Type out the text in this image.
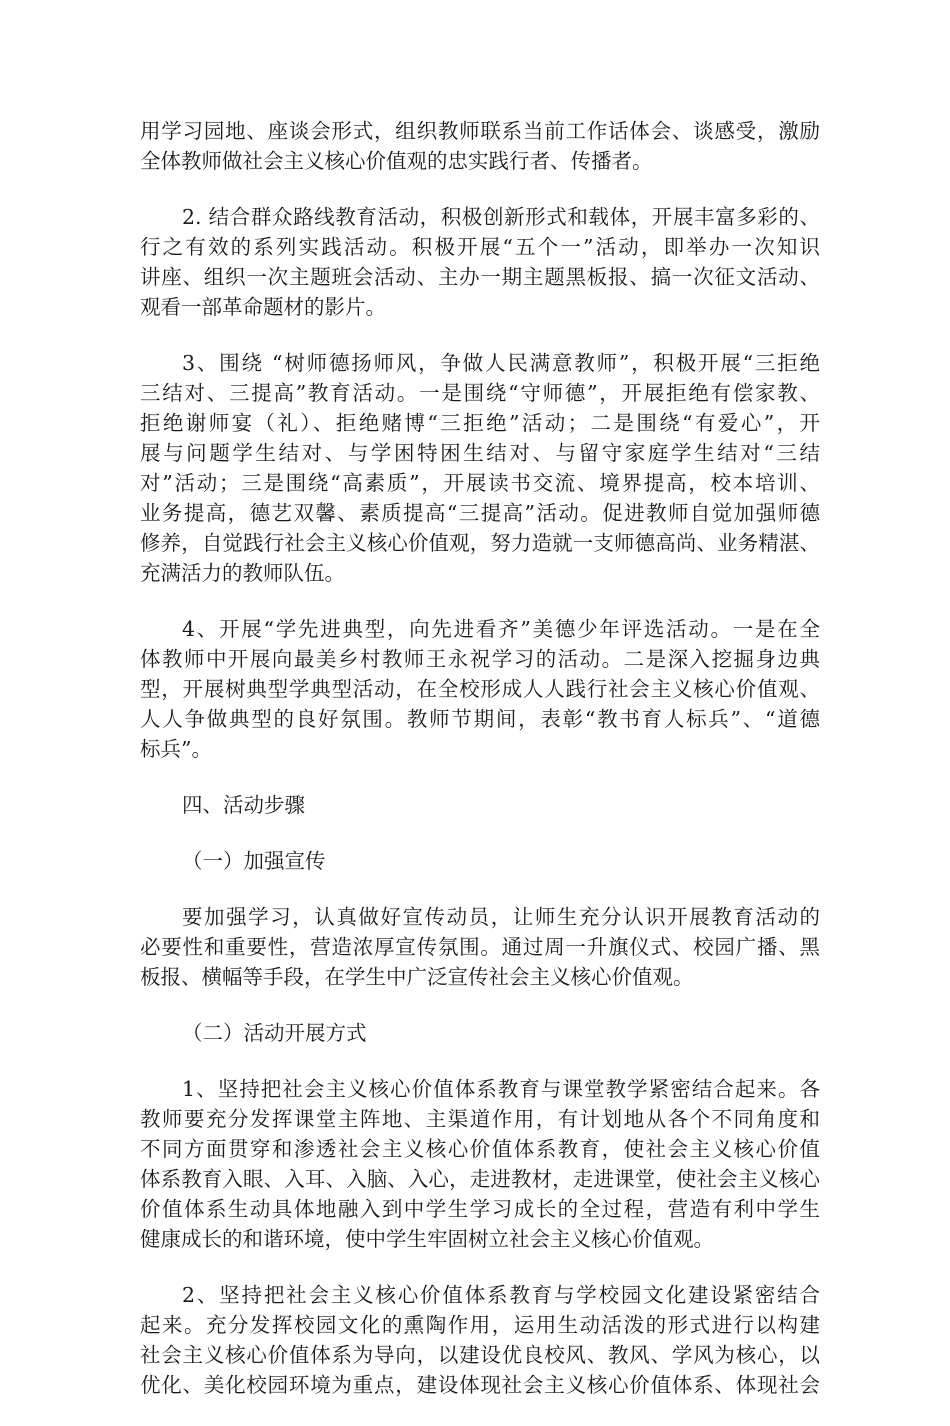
用学习园地、座谈会形式，组织教师联系当前工作话体会、谈感受，激励
全体教师做社会主义核心价值观的忠实践行者、传播者。
2. 结合群众路线教育活动，积极创新形式和载体，开展丰富多彩的、
行之有效的系列实践活动。积极开展“五个一”活动，即举办一次知识
讲座、组织一次主题班会活动、主办一期主题黑板报、搞一次征文活动、
观看一部革命题材的影片。
3、围绕 “树师德扬师风，争做人民满意教师”，积极开展“三拒绝
三结对、三提高”教育活动。一是围绕“守师德”，开展拒绝有偿家教、
拒绝谢师宴（礼）、拒绝赌博“三拒绝”活动；二是围绕“有爱心”，开
展与问题学生结对、与学困特困生结对、与留守家庭学生结对“三结
对”活动；三是围绕“高素质”，开展读书交流、境界提高，校本培训、
业务提高，德艺双馨、素质提高“三提高”活动。促进教师自觉加强师德
修养，自觉践行社会主义核心价值观，努力造就一支师德高尚、业务精湛、
充满活力的教师队伍。
4、开展“学先进典型，向先进看齐”美德少年评选活动。一是在全
体教师中开展向最美乡村教师王永祝学习的活动。二是深入挖掘身边典
型，开展树典型学典型活动，在全校形成人人践行社会主义核心价值观、
人人争做典型的良好氛围。教师节期间，表彰“教书育人标兵”、“道德
标兵”。
四、活动步骤
（一）加强宣传
要加强学习，认真做好宣传动员，让师生充分认识开展教育活动的
必要性和重要性，营造浓厚宣传氛围。通过周一升旗仪式、校园广播、黑
板报、横幅等手段，在学生中广泛宣传社会主义核心价值观。
（二）活动开展方式
1、坚持把社会主义核心价值体系教育与课堂教学紧密结合起来。各
教师要充分发挥课堂主阵地、主渠道作用，有计划地从各个不同角度和
不同方面贯穿和渗透社会主义核心价值体系教育，使社会主义核心价值
体系教育入眼、入耳、入脑、入心，走进教材，走进课堂，使社会主义核心
价值体系生动具体地融入到中学生学习成长的全过程，营造有利中学生
健康成长的和谐环境，使中学生牢固树立社会主义核心价值观。
2、坚持把社会主义核心价值体系教育与学校园文化建设紧密结合
起来。充分发挥校园文化的熏陶作用，运用生动活泼的形式进行以构建
社会主义核心价值体系为导向，以建设优良校风、教风、学风为核心，以
优化、美化校园环境为重点，建设体现社会主义核心价值体系、体现社会
